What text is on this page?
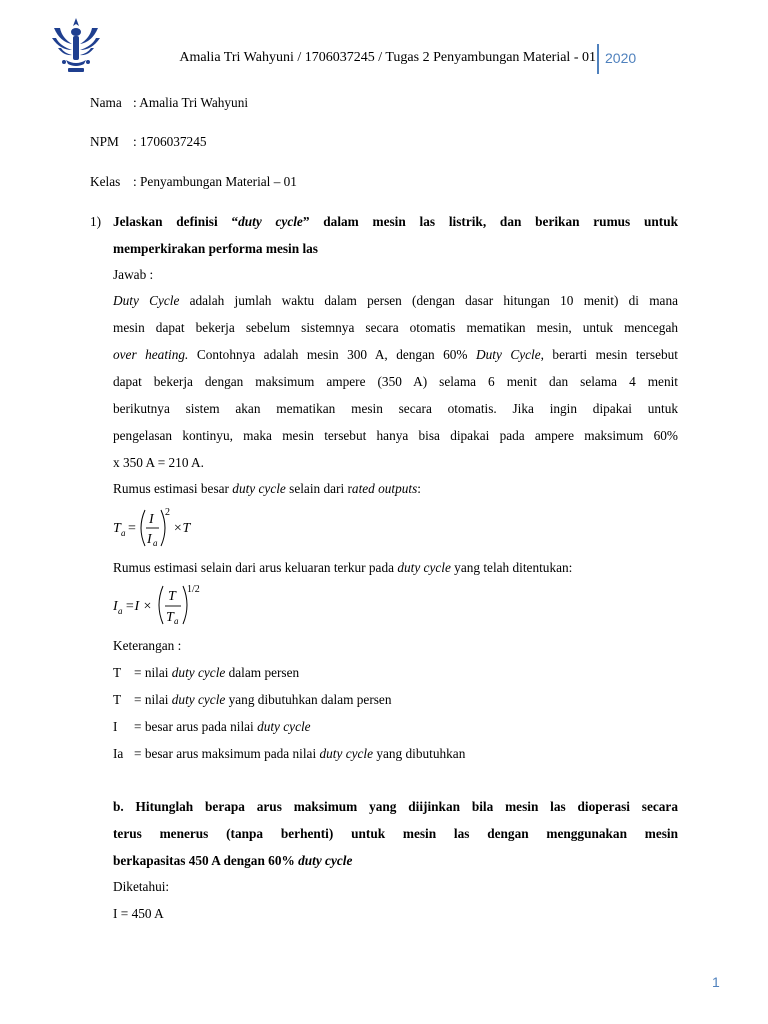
Amalia Tri Wahyuni / 1706037245 / Tugas 2 Penyambungan Material - 01 2020
Nama : Amalia Tri Wahyuni
NPM : 1706037245
Kelas : Penyambungan Material – 01
1) Jelaskan definisi “duty cycle” dalam mesin las listrik, dan berikan rumus untuk
memperkirakan performa mesin las
Jawab :
Duty Cycle adalah jumlah waktu dalam persen (dengan dasar hitungan 10 menit) di mana
mesin dapat bekerja sebelum sistemnya secara otomatis mematikan mesin, untuk mencegah
over heating. Contohnya adalah mesin 300 A, dengan 60% Duty Cycle, berarti mesin tersebut
dapat bekerja dengan maksimum ampere (350 A) selama 6 menit dan selama 4 menit
berikutnya sistem akan mematikan mesin secara otomatis. Jika ingin dipakai untuk
pengelasan kontinyu, maka mesin tersebut hanya bisa dipakai pada ampere maksimum 60%
x 350 A = 210 A.
Rumus estimasi besar duty cycle selain dari rated outputs:
T a =
I
I a
2
×T
Rumus estimasi selain dari arus keluaran terkur pada duty cycle yang telah ditentukan:
I a =I ×
T
T a
1/2
Keterangan :
T = nilai duty cycle dalam persen
T = nilai duty cycle yang dibutuhkan dalam persen
I = besar arus pada nilai duty cycle
Ia = besar arus maksimum pada nilai duty cycle yang dibutuhkan
b. Hitunglah berapa arus maksimum yang diijinkan bila mesin las dioperasi secara
terus menerus (tanpa berhenti) untuk mesin las dengan menggunakan mesin
berkapasitas 450 A dengan 60% duty cycle
Diketahui:
I = 450 A
1
